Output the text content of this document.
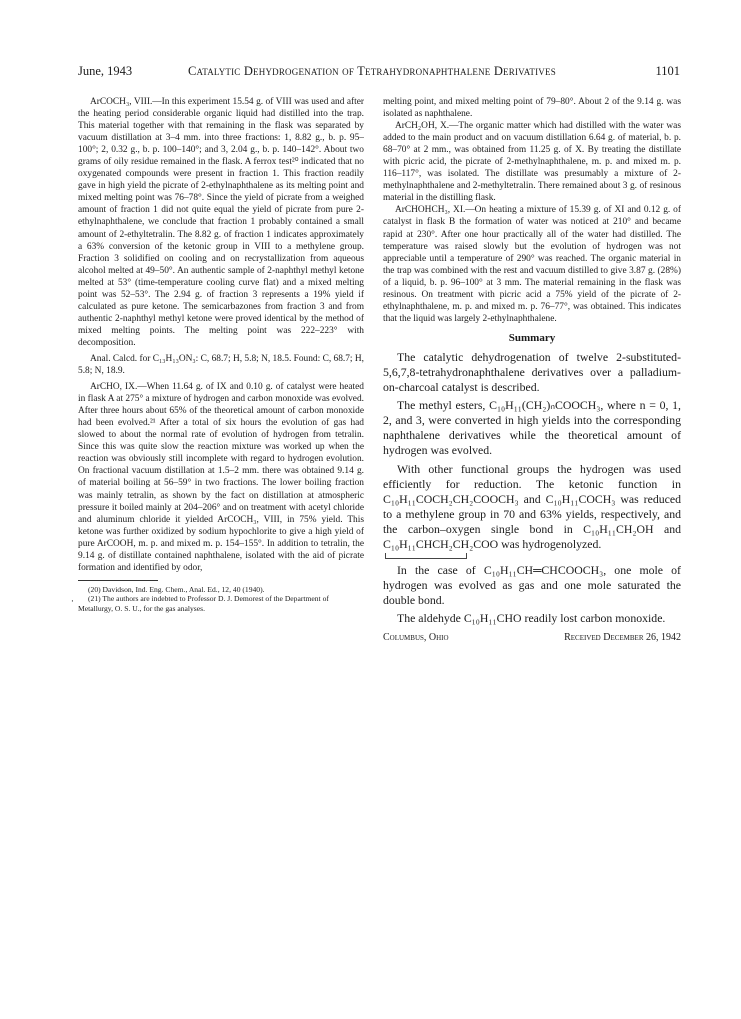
June, 1943	Catalytic Dehydrogenation of Tetrahydronaphthalene Derivatives	1101
·

ArCOCH₃, VIII.—In this experiment 15.54 g. of VIII was used and after the heating period considerable organic liquid had distilled into the trap. This material together with that remaining in the flask was separated by vacuum distillation at 3–4 mm. into three fractions: 1, 8.82 g., b. p. 95–100°; 2, 0.32 g., b. p. 100–140°; and 3, 2.04 g., b. p. 140–142°. About two grams of oily residue remained in the flask. A ferrox test²⁰ indicated that no oxygenated compounds were present in fraction 1. This fraction readily gave in high yield the picrate of 2-ethylnaphthalene as its melting point and mixed melting point was 76–78°. Since the yield of picrate from a weighed amount of fraction 1 did not quite equal the yield of picrate from pure 2-ethylnaphthalene, we conclude that fraction 1 probably contained a small amount of 2-ethyltetralin. The 8.82 g. of fraction 1 indicates approximately a 63% conversion of the ketonic group in VIII to a methylene group. Fraction 3 solidified on cooling and on recrystallization from aqueous alcohol melted at 49–50°. An authentic sample of 2-naphthyl methyl ketone melted at 53° (time-temperature cooling curve flat) and a mixed melting point was 52–53°. The 2.94 g. of fraction 3 represents a 19% yield if calculated as pure ketone. The semicarbazones from fraction 3 and from authentic 2-naphthyl methyl ketone were proved identical by the method of mixed melting points. The melting point was 222–223° with decomposition.

Anal. Calcd. for C₁₃H₁₃ON₃: C, 68.7; H, 5.8; N, 18.5. Found: C, 68.7; H, 5.8; N, 18.9.

ArCHO, IX.—When 11.64 g. of IX and 0.10 g. of catalyst were heated in flask A at 275° a mixture of hydrogen and carbon monoxide was evolved. After three hours about 65% of the theoretical amount of carbon monoxide had been evolved.²¹ After a total of six hours the evolution of gas had slowed to about the normal rate of evolution of hydrogen from tetralin. Since this was quite slow the reaction mixture was worked up when the reaction was obviously still incomplete with regard to hydrogen evolution. On fractional vacuum distillation at 1.5–2 mm. there was obtained 9.14 g. of material boiling at 56–59° in two fractions. The lower boiling fraction was mainly tetralin, as shown by the fact on distillation at atmospheric pressure it boiled mainly at 204–206° and on treatment with acetyl chloride and aluminum chloride it yielded ArCOCH₃, VIII, in 75% yield. This ketone was further oxidized by sodium hypochlorite to give a high yield of pure ArCOOH, m. p. and mixed m. p. 154–155°. In addition to tetralin, the 9.14 g. of distillate contained naphthalene, isolated with the aid of picrate formation and identified by odor,

(20) Davidson, Ind. Eng. Chem., Anal. Ed., 12, 40 (1940).

(21) The authors are indebted to Professor D. J. Demorest of the Department of Metallurgy, O. S. U., for the gas analyses.

melting point, and mixed melting point of 79–80°. About 2 of the 9.14 g. was isolated as naphthalene.

ArCH₂OH, X.—The organic matter which had distilled with the water was added to the main product and on vacuum distillation 6.64 g. of material, b. p. 68–70° at 2 mm., was obtained from 11.25 g. of X. By treating the distillate with picric acid, the picrate of 2-methylnaphthalene, m. p. and mixed m. p. 116–117°, was isolated. The distillate was presumably a mixture of 2-methylnaphthalene and 2-methyltetralin. There remained about 3 g. of resinous material in the distilling flask.

ArCHOHCH₃, XI.—On heating a mixture of 15.39 g. of XI and 0.12 g. of catalyst in flask B the formation of water was noticed at 210° and became rapid at 230°. After one hour practically all of the water had distilled. The temperature was raised slowly but the evolution of hydrogen was not appreciable until a temperature of 290° was reached. The organic material in the trap was combined with the rest and vacuum distilled to give 3.87 g. (28%) of a liquid, b. p. 96–100° at 3 mm. The material remaining in the flask was resinous. On treatment with picric acid a 75% yield of the picrate of 2-ethylnaphthalene, m. p. and mixed m. p. 76–77°, was obtained. This indicates that the liquid was largely 2-ethylnaphthalene.

Summary

The catalytic dehydrogenation of twelve 2-substituted-5,6,7,8-tetrahydronaphthalene derivatives over a palladium-on-charcoal catalyst is described.

The methyl esters, C₁₀H₁₁(CH₂)ₙCOOCH₃, where n = 0, 1, 2, and 3, were converted in high yields into the corresponding naphthalene derivatives while the theoretical amount of hydrogen was evolved.

With other functional groups the hydrogen was used efficiently for reduction. The ketonic function in C₁₀H₁₁COCH₂CH₂COOCH₃ and C₁₀H₁₁COCH₃ was reduced to a methylene group in 70 and 63% yields, respectively, and the carbon–oxygen single bond in C₁₀H₁₁CH₂OH and C₁₀H₁₁CHCH₂CH₂COO was hydrogenolyzed.

In the case of C₁₀H₁₁CH═CHCOOCH₃, one mole of hydrogen was evolved as gas and one mole saturated the double bond.

The aldehyde C₁₀H₁₁CHO readily lost carbon monoxide.

Columbus, Ohio	Received December 26, 1942
